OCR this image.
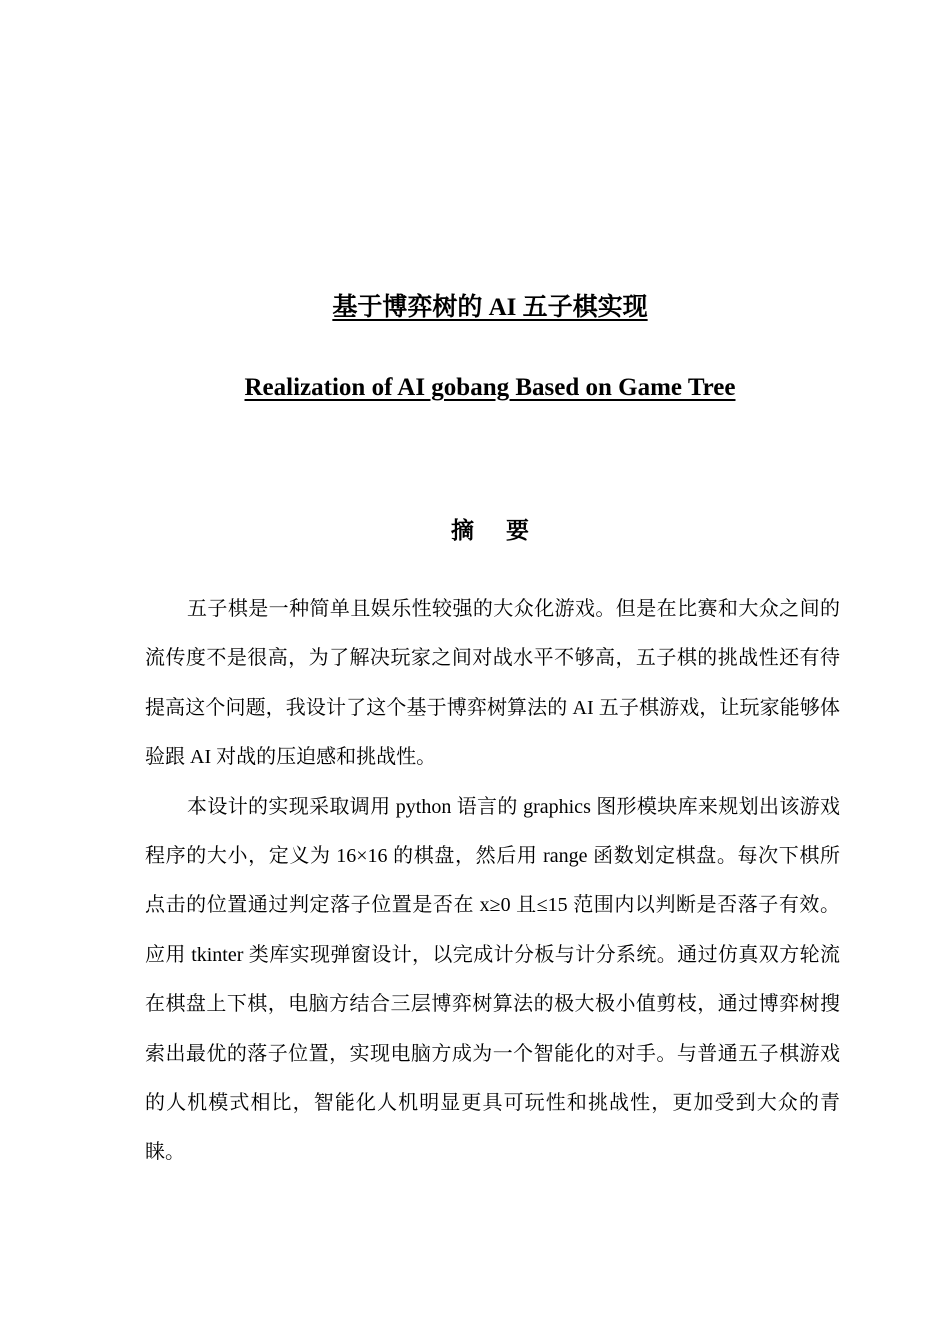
基于博弈树的 AI 五子棋实现
Realization of AI gobang Based on Game Tree
摘要

五子棋是一种简单且娱乐性较强的大众化游戏。但是在比赛和大众之间的流传度不是很高，为了解决玩家之间对战水平不够高，五子棋的挑战性还有待提高这个问题，我设计了这个基于博弈树算法的 AI 五子棋游戏，让玩家能够体验跟 AI 对战的压迫感和挑战性。

本设计的实现采取调用 python 语言的 graphics 图形模块库来规划出该游戏程序的大小，定义为 16×16 的棋盘，然后用 range 函数划定棋盘。每次下棋所点击的位置通过判定落子位置是否在 x≥0 且≤15 范围内以判断是否落子有效。应用 tkinter 类库实现弹窗设计，以完成计分板与计分系统。通过仿真双方轮流在棋盘上下棋，电脑方结合三层博弈树算法的极大极小值剪枝，通过博弈树搜索出最优的落子位置，实现电脑方成为一个智能化的对手。与普通五子棋游戏的人机模式相比，智能化人机明显更具可玩性和挑战性，更加受到大众的青睐。
